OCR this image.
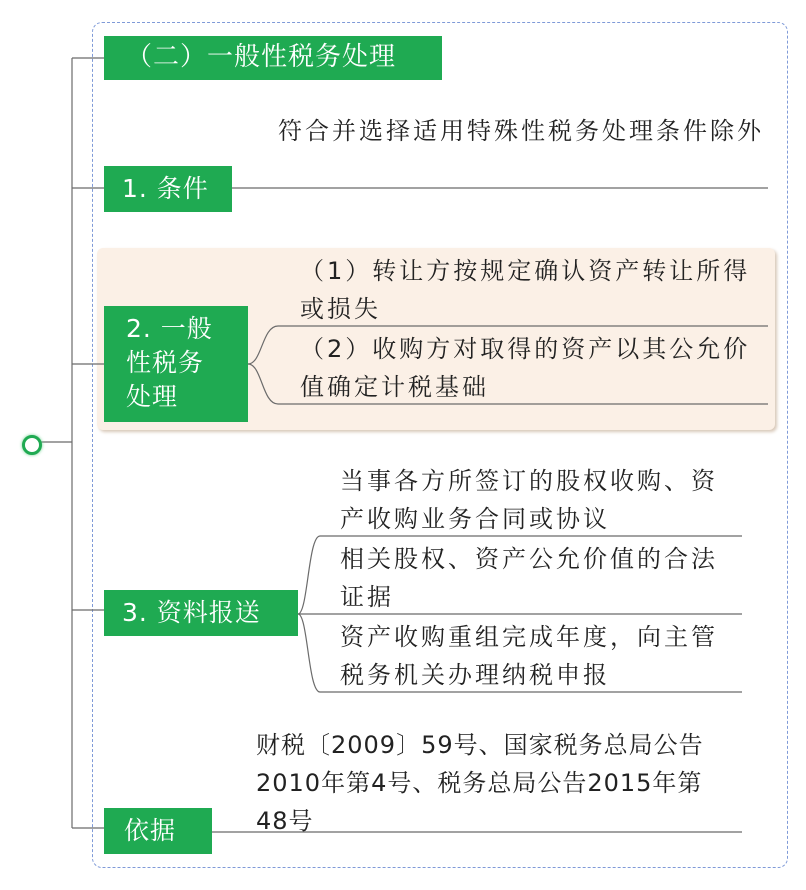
（二）一般性税务处理
1. 条件
符合并选择适用特殊性税务处理条件除外
2. 一般性税务处理
（1）转让方按规定确认资产转让所得或损失
（2）收购方对取得的资产以其公允价值确定计税基础
3. 资料报送
当事各方所签订的股权收购、资产收购业务合同或协议
相关股权、资产公允价值的合法证据
资产收购重组完成年度，向主管税务机关办理纳税申报
依据
财税〔2009〕59号、国家税务总局公告2010年第4号、税务总局公告2015年第48号
